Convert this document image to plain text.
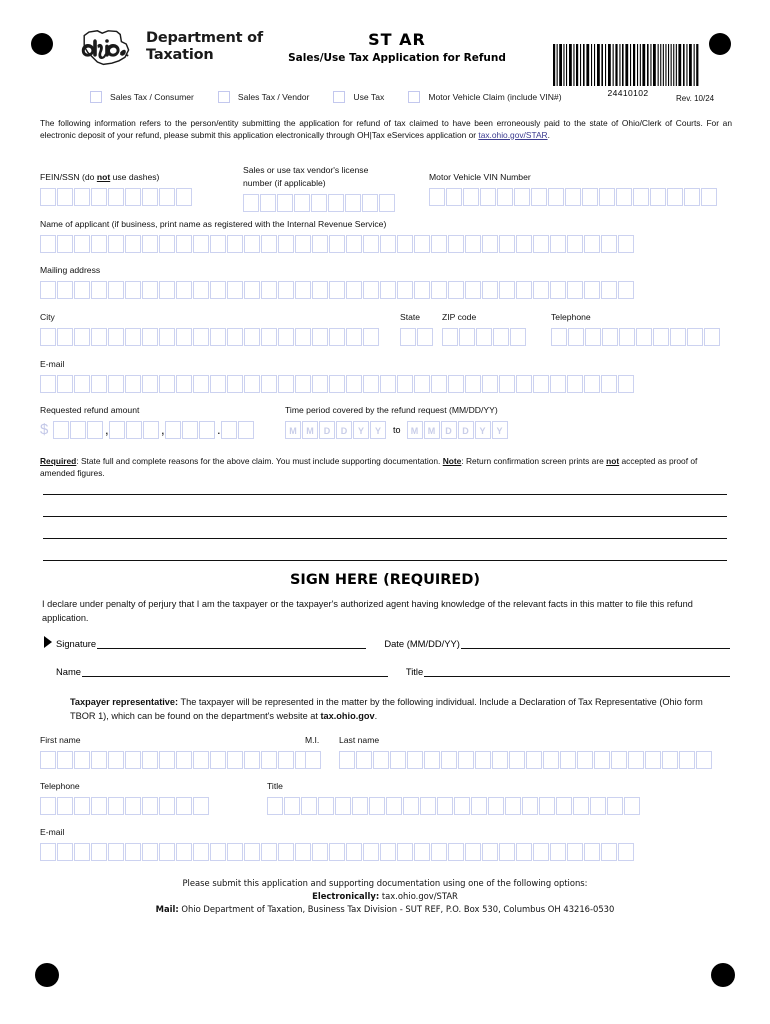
Department of
Taxation
ST AR
Sales/Use Tax Application for Refund
24410102
Rev. 10/24
Sales Tax / Consumer	Sales Tax / Vendor	Use Tax	Motor Vehicle Claim (include VIN#)
The following information refers to the person/entity submitting the application for refund of tax claimed to have been erroneously paid to the state of Ohio/Clerk of Courts. For an electronic deposit of your refund, please submit this application electronically through OH|Tax eServices application or tax.ohio.gov/STAR.
FEIN/SSN (do not use dashes)
Sales or use tax vendor's license

number (if applicable)
Motor Vehicle VIN Number
Name of applicant (if business, print name as registered with the Internal Revenue Service)
Mailing address
City	State	ZIP code	Telephone
E-mail
Requested refund amount
$	,	,	.
Time period covered by the refund request (MM/DD/YY)
M	M	D	D	Y	Y	to	M	M	D	D	Y	Y
Required: State full and complete reasons for the above claim. You must include supporting documentation. Note: Return confirmation screen prints are not accepted as proof of amended figures.
SIGN HERE (REQUIRED)
I declare under penalty of perjury that I am the taxpayer or the taxpayer's authorized agent having knowledge of the relevant facts in this matter to file this refund application.
Signature	Date (MM/DD/YY)
Name	Title
Taxpayer representative: The taxpayer will be represented in the matter by the following individual. Include a Declaration of Tax Representative (Ohio form TBOR 1), which can be found on the department's website at tax.ohio.gov.
First name	M.I.	Last name
Telephone	Title
E-mail
Please submit this application and supporting documentation using one of the following options:
Electronically: tax.ohio.gov/STAR
Mail: Ohio Department of Taxation, Business Tax Division - SUT REF, P.O. Box 530, Columbus OH 43216-0530
